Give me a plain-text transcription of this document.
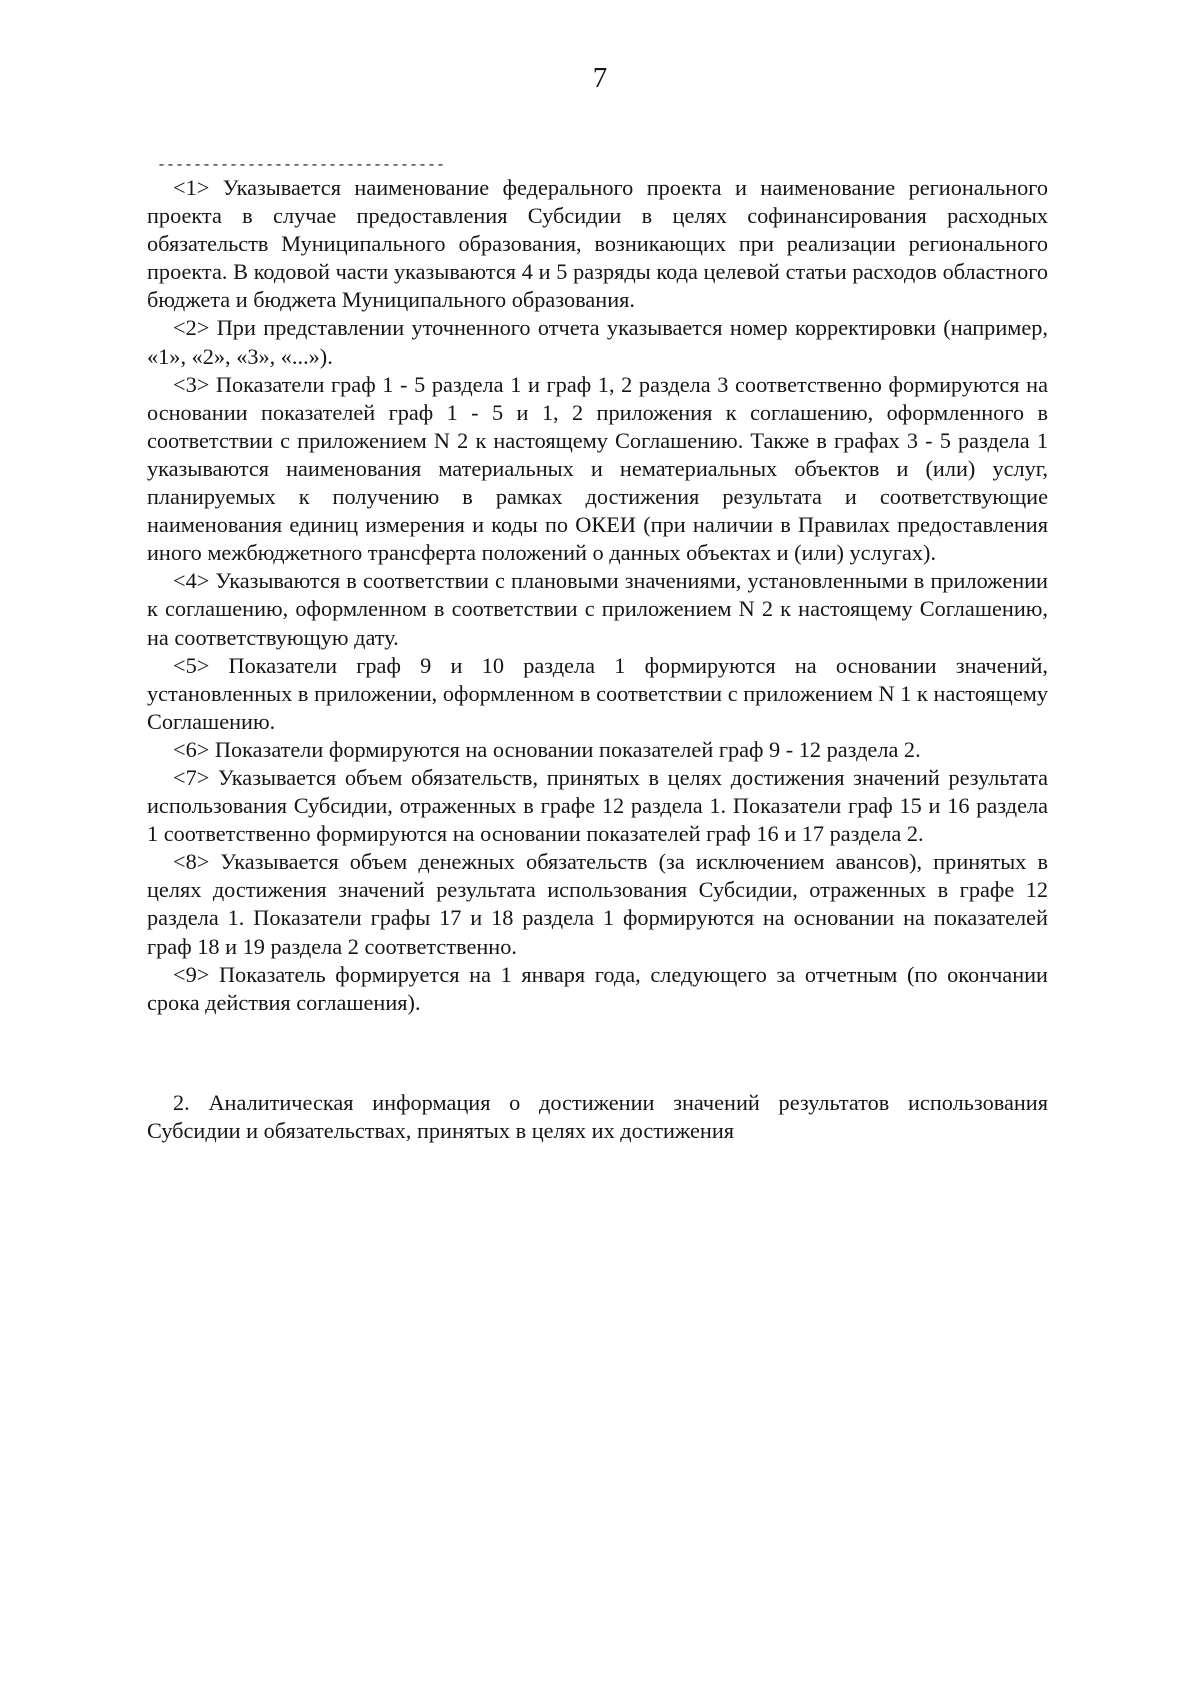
7
--------------------------------

<1> Указывается наименование федерального проекта и наименование регионального проекта в случае предоставления Субсидии в целях софинансирования расходных обязательств Муниципального образования, возникающих при реализации регионального проекта. В кодовой части указываются 4 и 5 разряды кода целевой статьи расходов областного бюджета и бюджета Муниципального образования.

<2> При представлении уточненного отчета указывается номер корректировки (например, «1», «2», «3», «...»).

<3> Показатели граф 1 - 5 раздела 1 и граф 1, 2 раздела 3 соответственно формируются на основании показателей граф 1 - 5 и 1, 2 приложения к соглашению, оформленного в соответствии с приложением N 2 к настоящему Соглашению. Также в графах 3 - 5 раздела 1 указываются наименования материальных и нематериальных объектов и (или) услуг, планируемых к получению в рамках достижения результата и соответствующие наименования единиц измерения и коды по ОКЕИ (при наличии в Правилах предоставления иного межбюджетного трансферта положений о данных объектах и (или) услугах).

<4> Указываются в соответствии с плановыми значениями, установленными в приложении к соглашению, оформленном в соответствии с приложением N 2 к настоящему Соглашению, на соответствующую дату.

<5> Показатели граф 9 и 10 раздела 1 формируются на основании значений, установленных в приложении, оформленном в соответствии с приложением N 1 к настоящему Соглашению.

<6> Показатели формируются на основании показателей граф 9 - 12 раздела 2.

<7> Указывается объем обязательств, принятых в целях достижения значений результата использования Субсидии, отраженных в графе 12 раздела 1. Показатели граф 15 и 16 раздела 1 соответственно формируются на основании показателей граф 16 и 17 раздела 2.

<8> Указывается объем денежных обязательств (за исключением авансов), принятых в целях достижения значений результата использования Субсидии, отраженных в графе 12 раздела 1. Показатели графы 17 и 18 раздела 1 формируются на основании на показателей граф 18 и 19 раздела 2 соответственно.

<9> Показатель формируется на 1 января года, следующего за отчетным (по окончании срока действия соглашения).

2. Аналитическая информация о достижении значений результатов использования Субсидии и обязательствах, принятых в целях их достижения
